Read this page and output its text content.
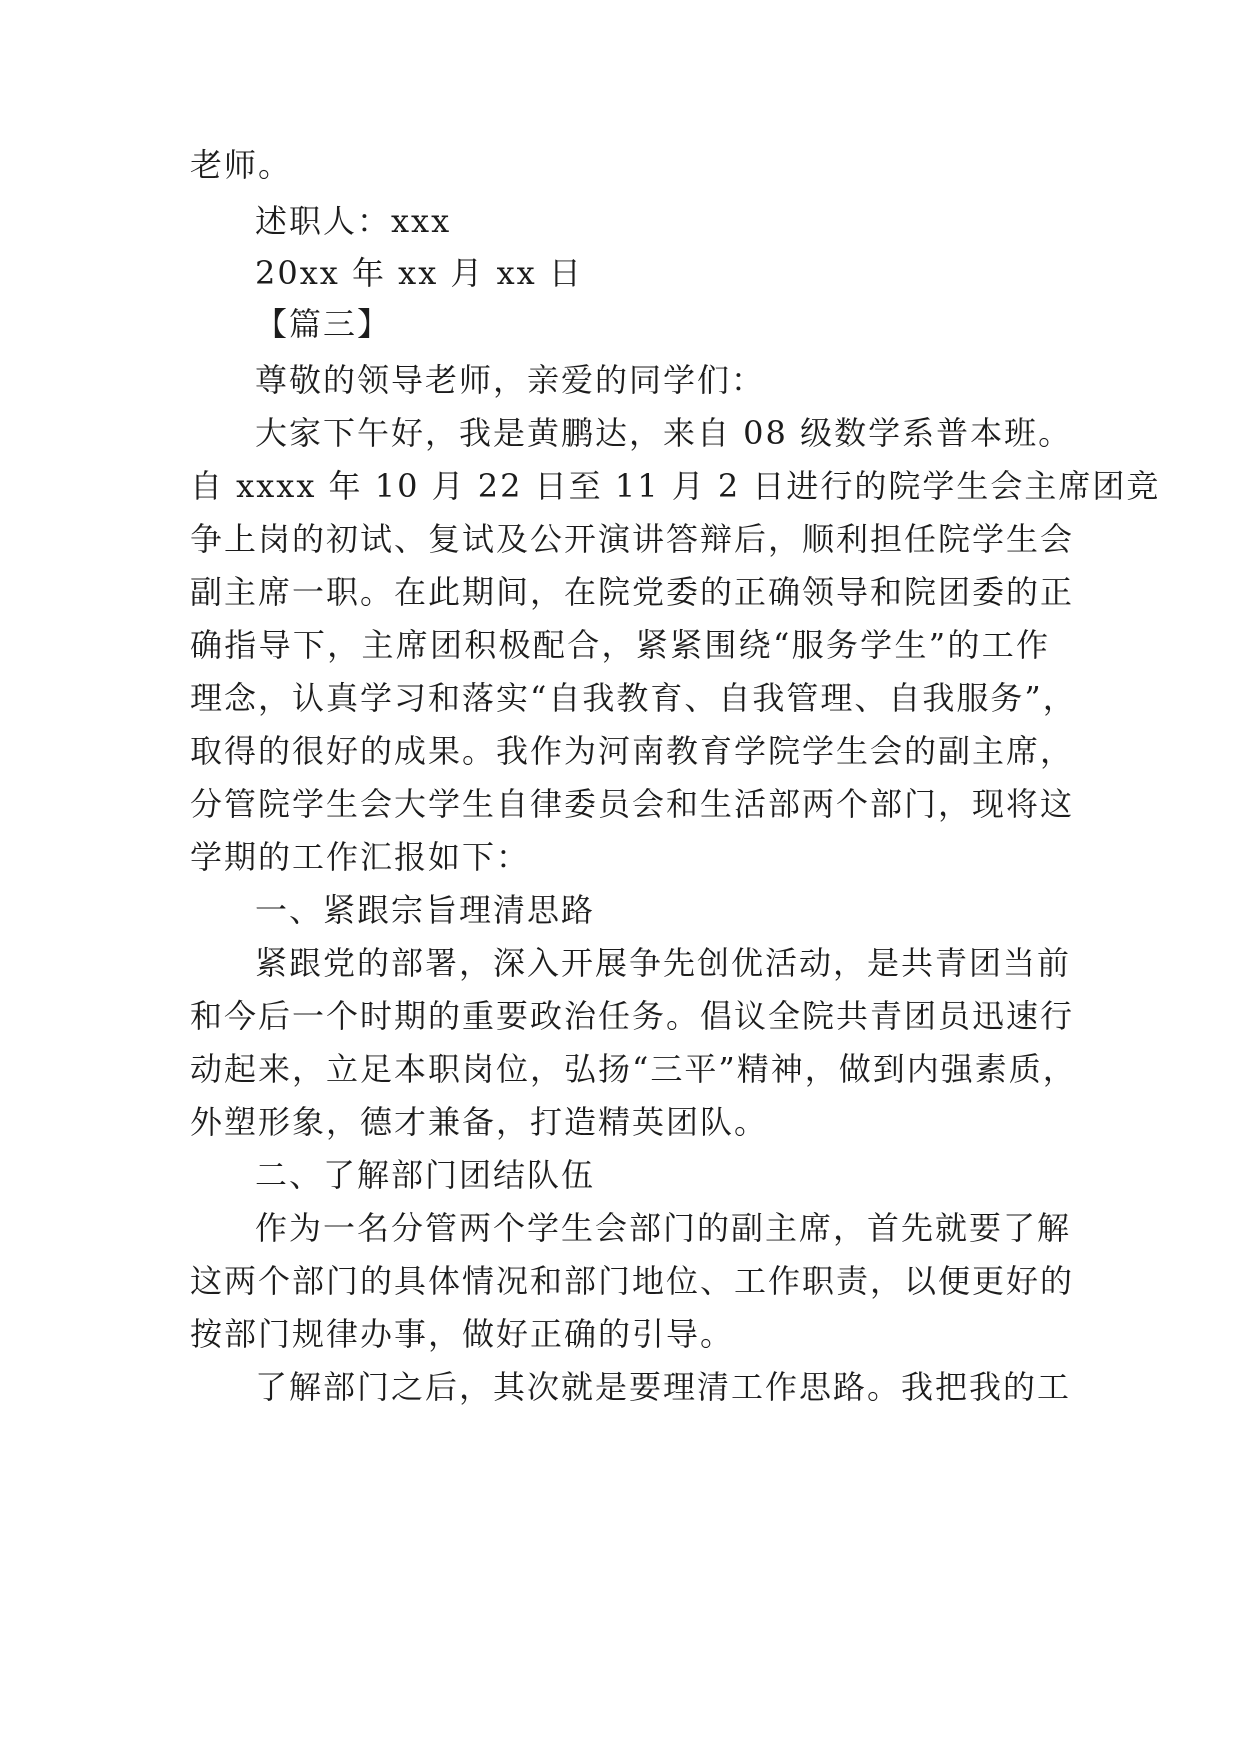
老师。
述职人：xxx
20xx 年 xx 月 xx 日
【篇三】
尊敬的领导老师，亲爱的同学们：
大家下午好，我是黄鹏达，来自 08 级数学系普本班。
自 xxxx 年 10 月 22 日至 11 月 2 日进行的院学生会主席团竞
争上岗的初试、复试及公开演讲答辩后，顺利担任院学生会
副主席一职。在此期间，在院党委的正确领导和院团委的正
确指导下，主席团积极配合，紧紧围绕“服务学生”的工作
理念，认真学习和落实“自我教育、自我管理、自我服务”，
取得的很好的成果。我作为河南教育学院学生会的副主席，
分管院学生会大学生自律委员会和生活部两个部门，现将这
学期的工作汇报如下：
一、紧跟宗旨理清思路
紧跟党的部署，深入开展争先创优活动，是共青团当前
和今后一个时期的重要政治任务。倡议全院共青团员迅速行
动起来，立足本职岗位，弘扬“三平”精神，做到内强素质，
外塑形象，德才兼备，打造精英团队。
二、了解部门团结队伍
作为一名分管两个学生会部门的副主席，首先就要了解
这两个部门的具体情况和部门地位、工作职责，以便更好的
按部门规律办事，做好正确的引导。
了解部门之后，其次就是要理清工作思路。我把我的工
